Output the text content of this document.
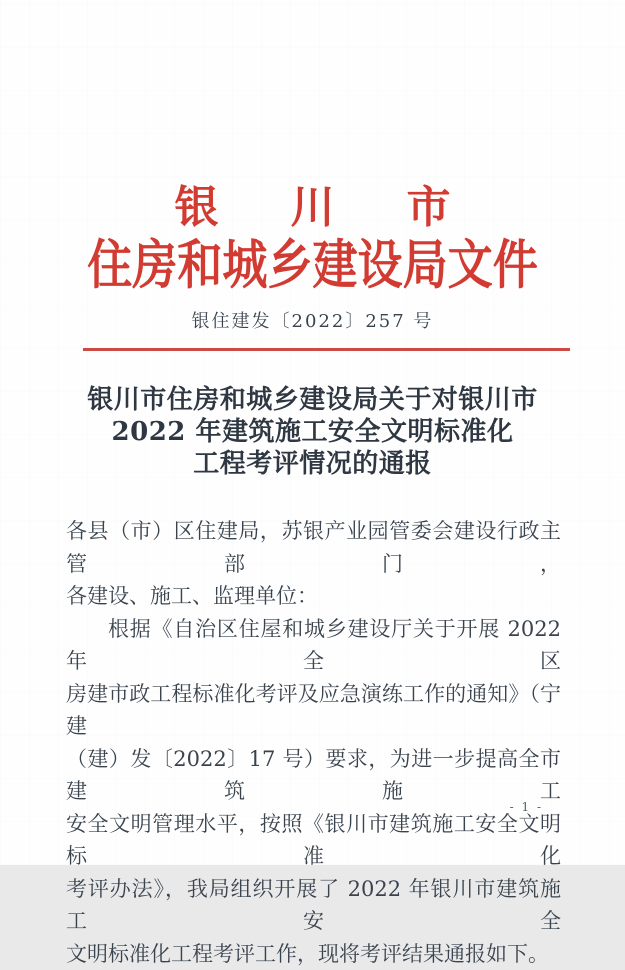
银川市
住房和城乡建设局文件
银住建发〔2022〕257 号
银川市住房和城乡建设局关于对银川市
2022 年建筑施工安全文明标准化
工程考评情况的通报

各县（市）区住建局，苏银产业园管委会建设行政主管部门，

各建设、施工、监理单位：

根据《自治区住屋和城乡建设厅关于开展 2022 年全区

房建市政工程标准化考评及应急演练工作的通知》（宁建

（建）发〔2022〕17 号）要求，为进一步提高全市建筑施工

安全文明管理水平，按照《银川市建筑施工安全文明标准化

考评办法》，我局组织开展了 2022 年银川市建筑施工安全

文明标准化工程考评工作，现将考评结果通报如下。

- 1 -
